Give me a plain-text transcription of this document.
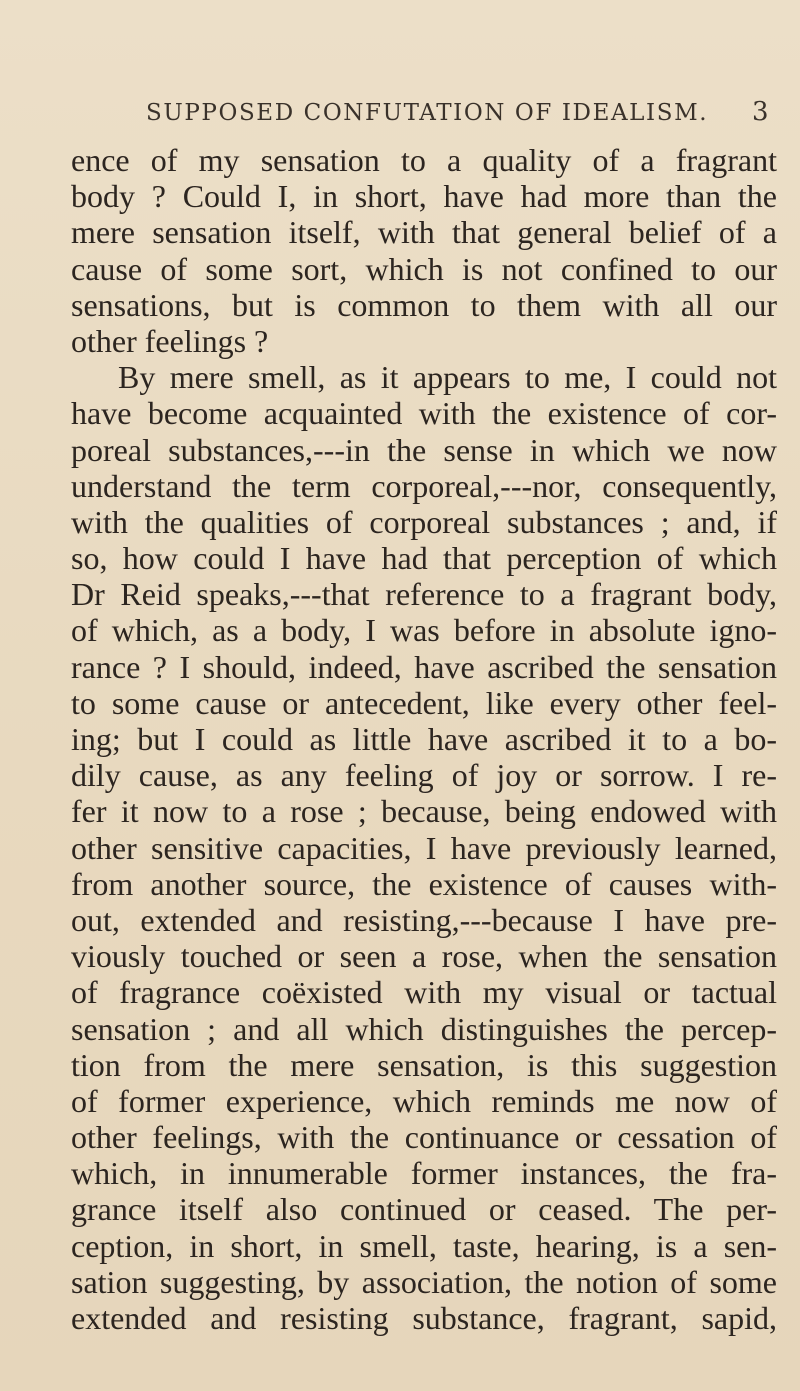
SUPPOSED CONFUTATION OF IDEALISM. 3
ence of my sensation to a quality of a fragrant
body ? Could I, in short, have had more than the
mere sensation itself, with that general belief of a
cause of some sort, which is not confined to our
sensations, but is common to them with all our
other feelings ?
By mere smell, as it appears to me, I could not
have become acquainted with the existence of cor-
poreal substances,---in the sense in which we now
understand the term corporeal,---nor, consequently,
with the qualities of corporeal substances ; and, if
so, how could I have had that perception of which
Dr Reid speaks,---that reference to a fragrant body,
of which, as a body, I was before in absolute igno-
rance ? I should, indeed, have ascribed the sensation
to some cause or antecedent, like every other feel-
ing; but I could as little have ascribed it to a bo-
dily cause, as any feeling of joy or sorrow. I re-
fer it now to a rose ; because, being endowed with
other sensitive capacities, I have previously learned,
from another source, the existence of causes with-
out, extended and resisting,---because I have pre-
viously touched or seen a rose, when the sensation
of fragrance coëxisted with my visual or tactual
sensation ; and all which distinguishes the percep-
tion from the mere sensation, is this suggestion
of former experience, which reminds me now of
other feelings, with the continuance or cessation of
which, in innumerable former instances, the fra-
grance itself also continued or ceased. The per-
ception, in short, in smell, taste, hearing, is a sen-
sation suggesting, by association, the notion of some
extended and resisting substance, fragrant, sapid,
